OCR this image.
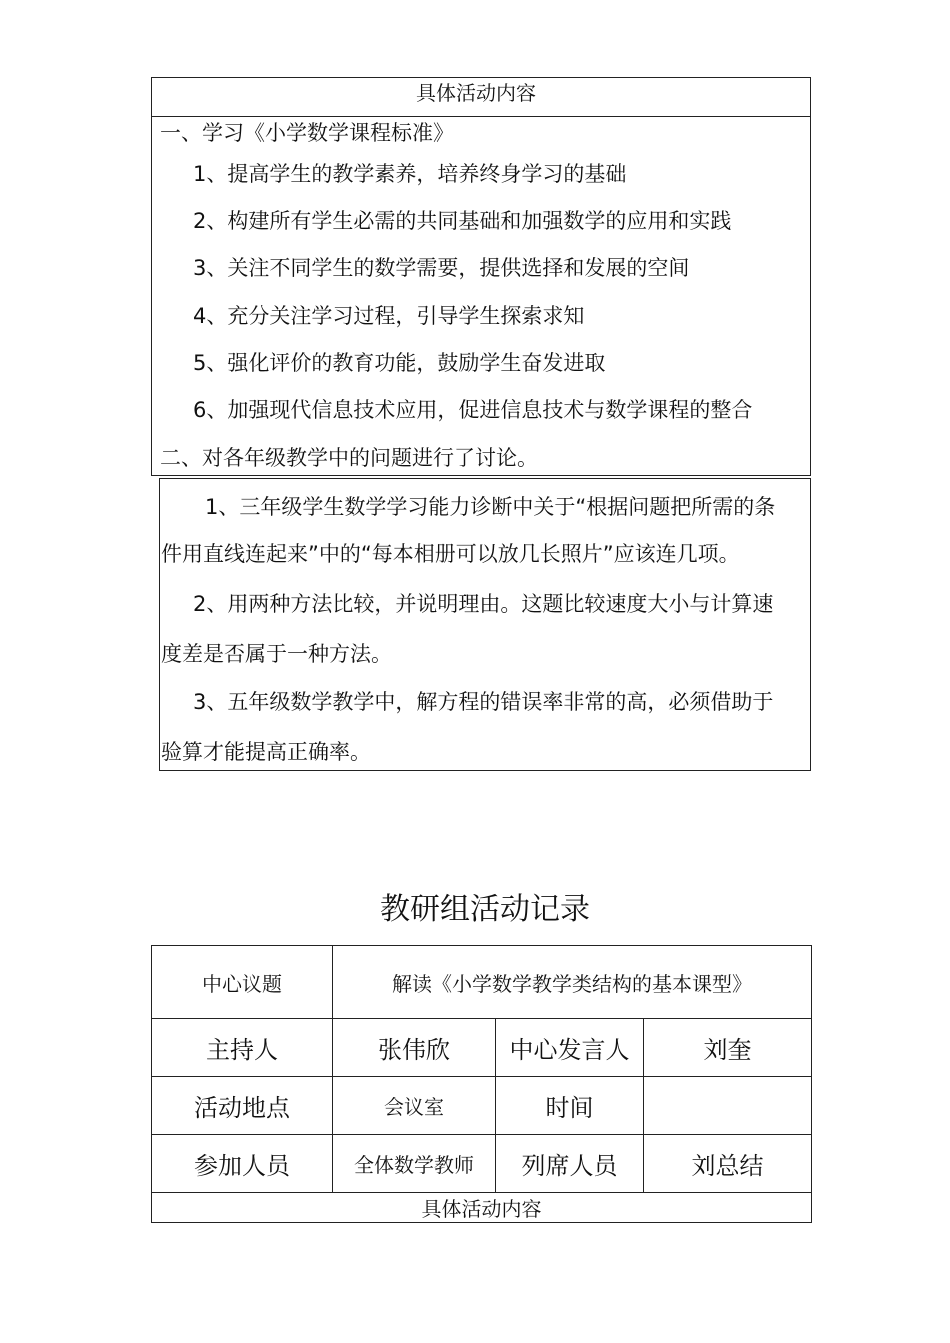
具体活动内容
一、学习《小学数学课程标准》
1、提高学生的教学素养，培养终身学习的基础
2、构建所有学生必需的共同基础和加强数学的应用和实践
3、关注不同学生的数学需要，提供选择和发展的空间
4、充分关注学习过程，引导学生探索求知
5、强化评价的教育功能，鼓励学生奋发进取
6、加强现代信息技术应用，促进信息技术与数学课程的整合
二、对各年级教学中的问题进行了讨论。
1、三年级学生数学学习能力诊断中关于“根据问题把所需的条
件用直线连起来”中的“每本相册可以放几长照片”应该连几项。
2、用两种方法比较，并说明理由。这题比较速度大小与计算速
度差是否属于一种方法。
3、五年级数学教学中，解方程的错误率非常的高，必须借助于
验算才能提高正确率。
教研组活动记录
中心议题	解读《小学数学教学类结构的基本课型》		
主持人	张伟欣	中心发言人	刘奎
活动地点	会议室	时间	
参加人员	全体数学教师	列席人员	刘总结
具体活动内容			
